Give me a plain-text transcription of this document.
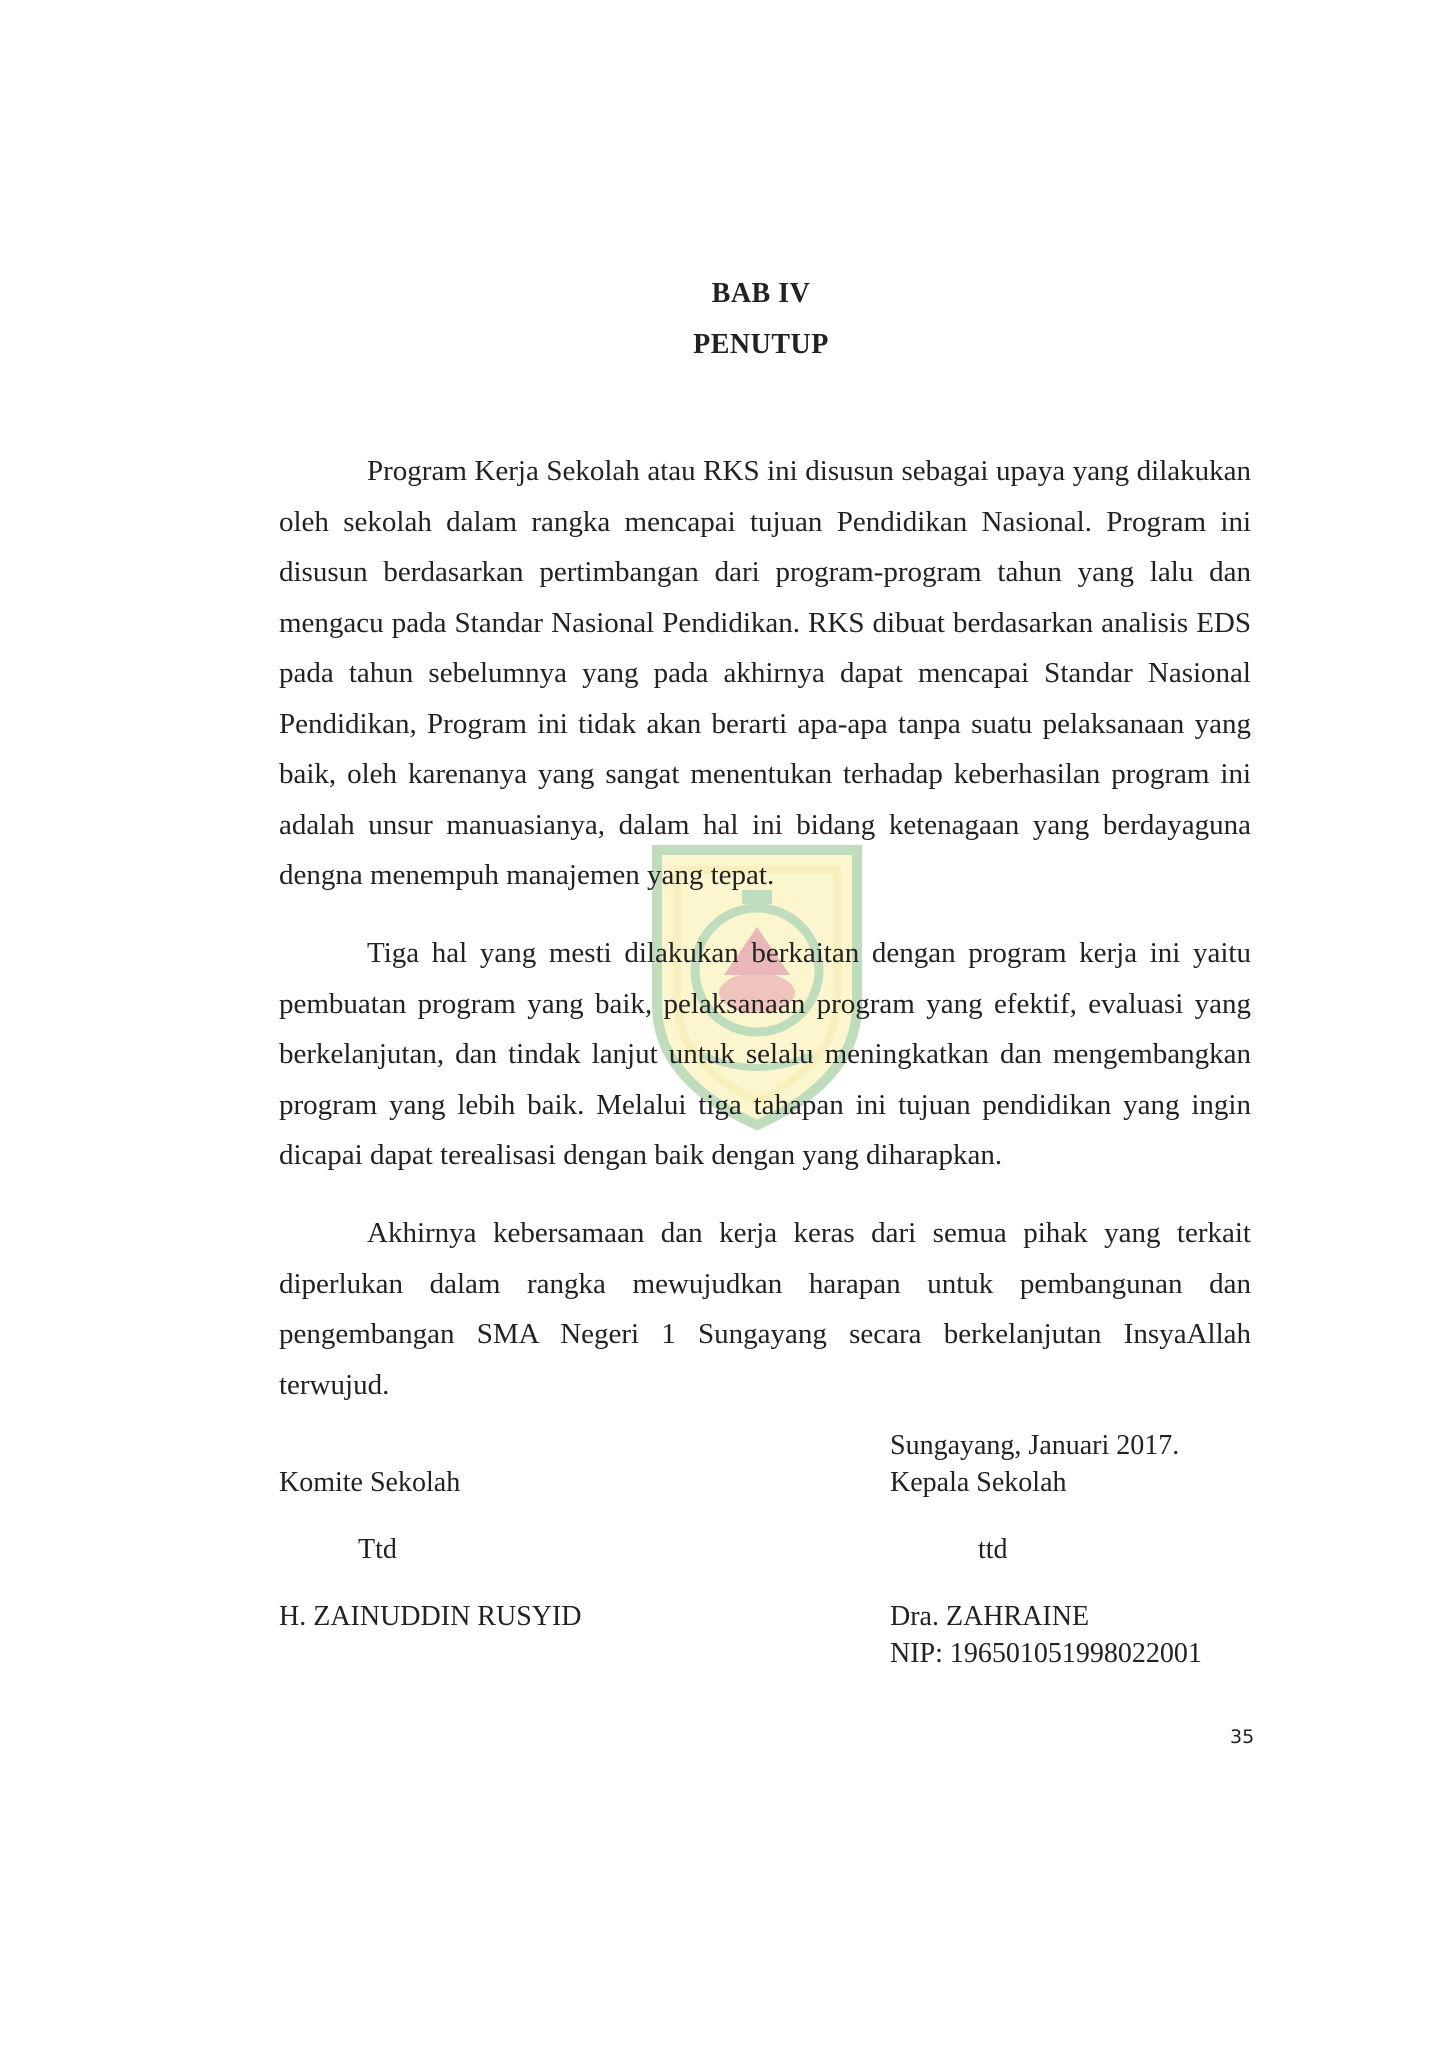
BAB IV
PENUTUP

Program Kerja Sekolah atau RKS ini disusun sebagai upaya yang dilakukan oleh sekolah dalam rangka mencapai tujuan Pendidikan Nasional. Program ini disusun berdasarkan pertimbangan dari program-program tahun yang lalu dan mengacu pada Standar Nasional Pendidikan. RKS dibuat berdasarkan analisis EDS pada tahun sebelumnya yang pada akhirnya dapat mencapai Standar Nasional Pendidikan, Program ini tidak akan berarti apa-apa tanpa suatu pelaksanaan yang baik, oleh karenanya yang sangat menentukan terhadap keberhasilan program ini adalah unsur manuasianya, dalam hal ini bidang ketenagaan yang berdayaguna dengna menempuh manajemen yang tepat.

Tiga hal yang mesti dilakukan berkaitan dengan program kerja ini yaitu pembuatan program yang baik, pelaksanaan program yang efektif, evaluasi yang berkelanjutan, dan tindak lanjut untuk selalu meningkatkan dan mengembangkan program yang lebih baik. Melalui tiga tahapan ini tujuan pendidikan yang ingin dicapai dapat terealisasi dengan baik dengan yang diharapkan.

Akhirnya kebersamaan dan kerja keras dari semua pihak yang terkait diperlukan dalam rangka mewujudkan harapan untuk pembangunan dan pengembangan SMA Negeri 1 Sungayang secara berkelanjutan InsyaAllah terwujud.

Sungayang, Januari 2017.
Komite Sekolah	Kepala Sekolah
Ttd	ttd
H. ZAINUDDIN RUSYID	Dra. ZAHRAINE
NIP: 196501051998022001
35
